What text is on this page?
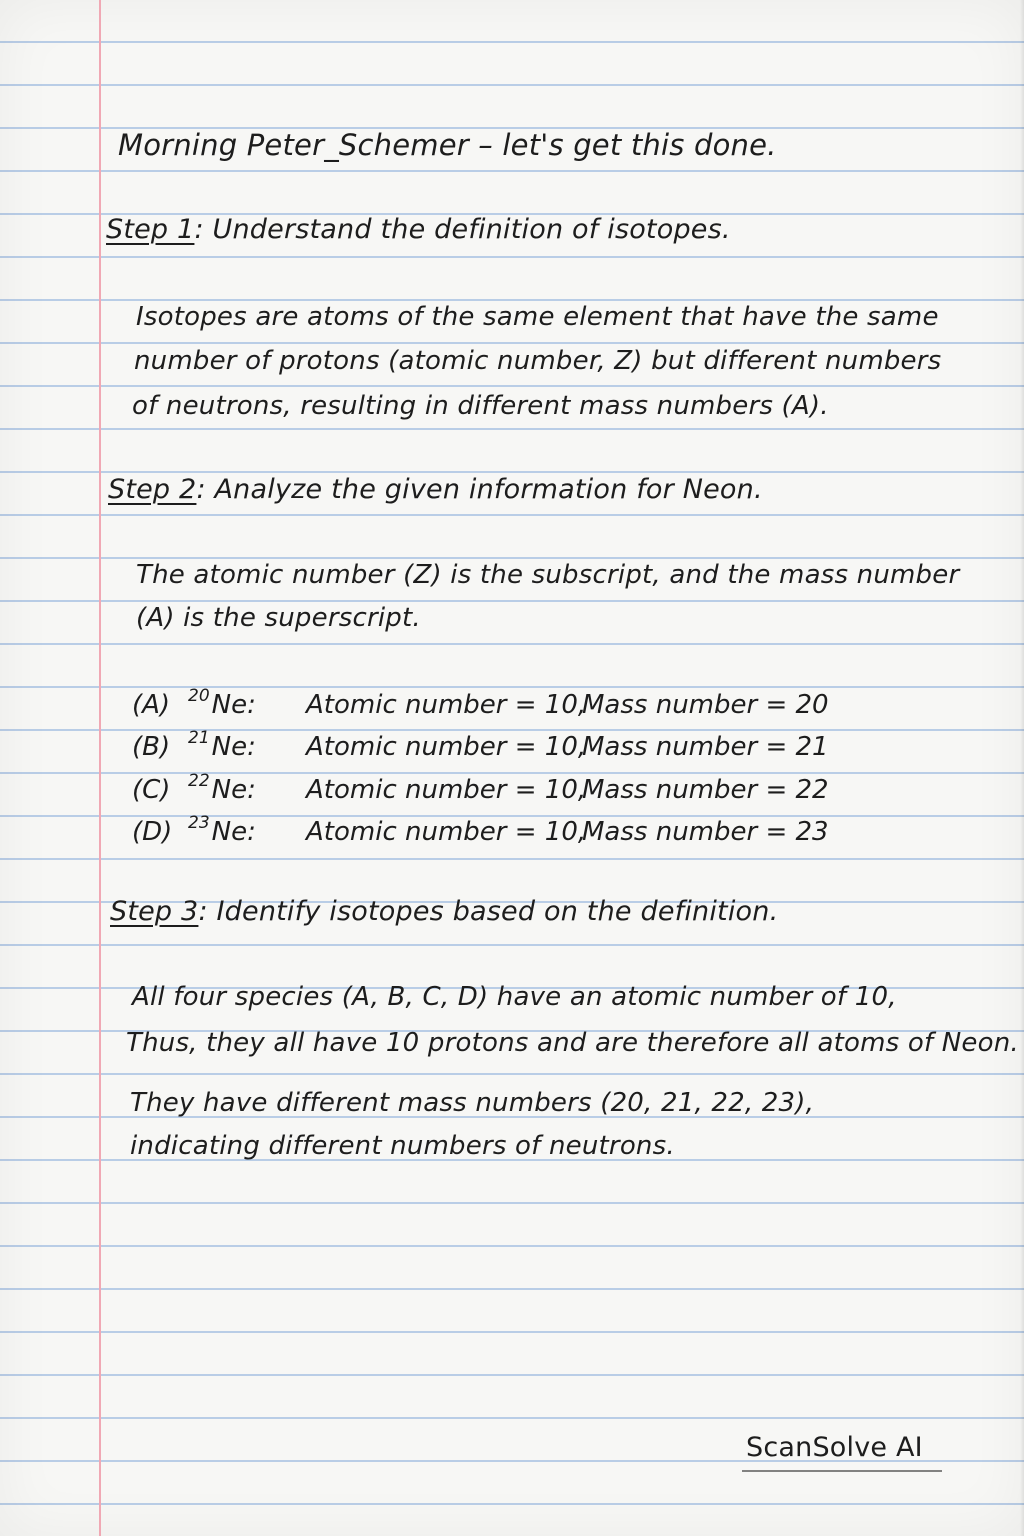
Morning Peter_Schemer – let's get this done.
Step 1: Understand the definition of isotopes.
Isotopes are atoms of the same element that have the same
number of protons (atomic number, Z) but different numbers
of neutrons, resulting in different mass numbers (A).
Step 2: Analyze the given information for Neon.
The atomic number (Z) is the subscript, and the mass number
(A) is the superscript.
(A) $^{20}$Ne: Atomic number = 10,Mass number = 20
(B) $^{21}$Ne: Atomic number = 10,Mass number = 21
(C) $^{22}$Ne: Atomic number = 10,Mass number = 22
(D) $^{23}$Ne: Atomic number = 10,Mass number = 23
Step 3: Identify isotopes based on the definition.
All four species (A, B, C, D) have an atomic number of 10,
Thus, they all have 10 protons and are therefore all atoms of Neon.
They have different mass numbers (20, 21, 22, 23),
indicating different numbers of neutrons.
ScanSolve AI
